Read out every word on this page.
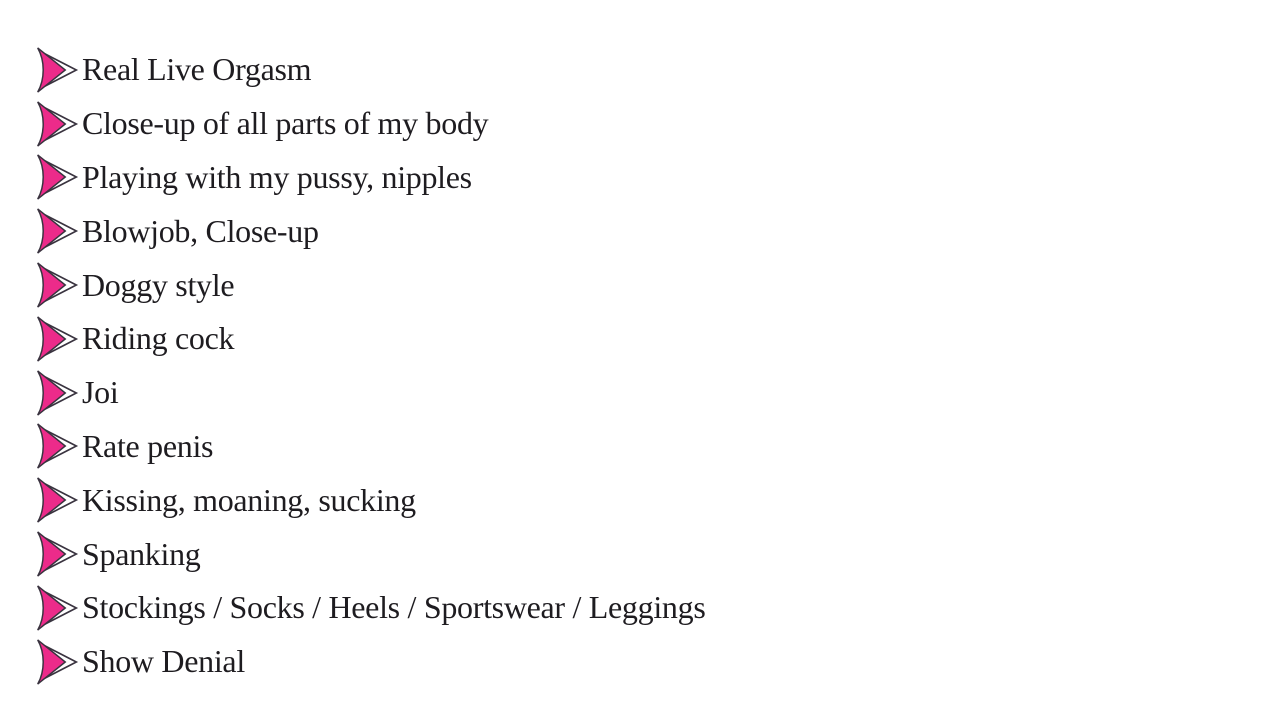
Real Live Orgasm
Close-up of all parts of my body
Playing with my pussy, nipples
Blowjob, Close-up
Doggy style
Riding cock
Joi
Rate penis
Kissing, moaning, sucking
Spanking
Stockings / Socks / Heels / Sportswear / Leggings
Show Denial
